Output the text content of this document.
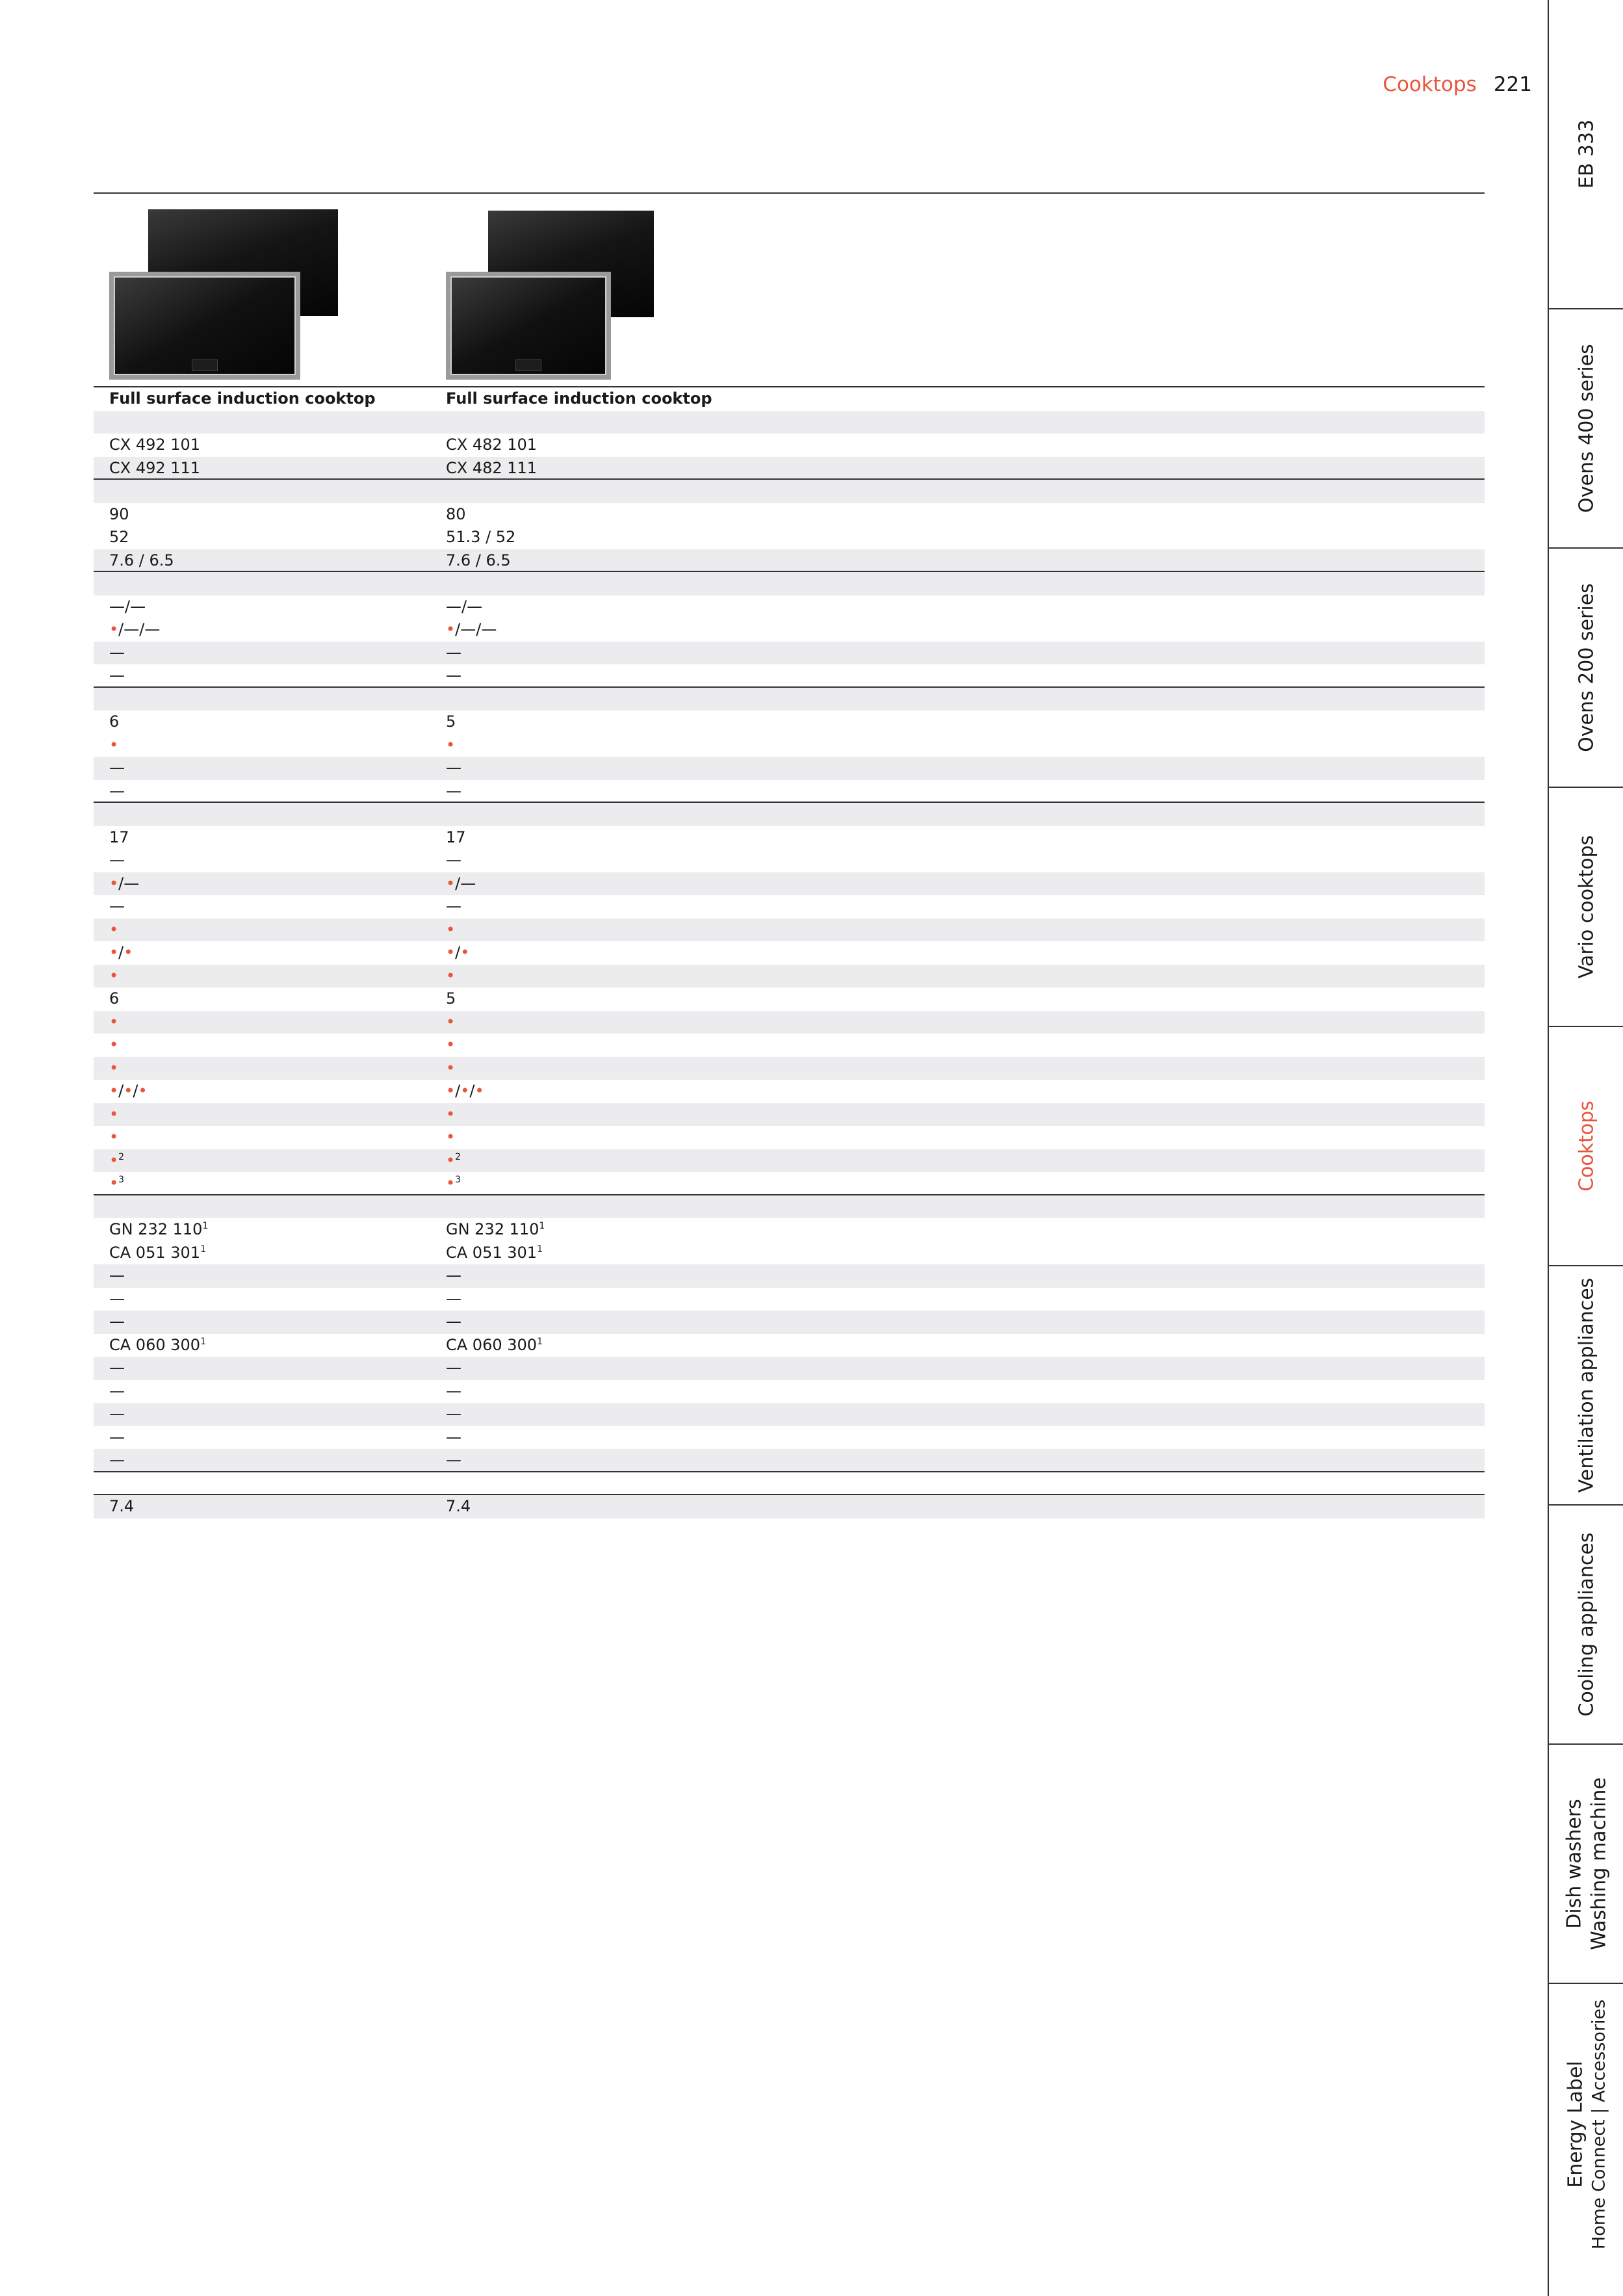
Cooktops 221
EB 333
Ovens 400 series
Ovens 200 series
Vario cooktops
Cooktops
Ventilation appliances
Cooling appliances
Dish washers Washing machine
Energy Label Home Connect | Accessories
Full surface induction cooktop	Full surface induction cooktop
CX 492 101	CX 482 101
CX 492 111	CX 482 111
90	80
52	51.3 / 52
7.6 / 6.5	7.6 / 6.5
—/—	—/—
•/—/—	•/—/—
—	—
—	—
6	5
•	•
—	—
—	—
17	17
—	—
•/—	•/—
—	—
•	•
•/•	•/•
•	•
6	5
•	•
•	•
•	•
•/•/•	•/•/•
•	•
•	•
•$^2$	•$^2$
•$^3$	•$^3$
GN 232 $110^1$	GN 232 $110^1$
CA 051 $301^1$	CA 051 $301^1$
—	—
—	—
—	—
CA 060 $300^1$	CA 060 $300^1$
—	—
—	—
—	—
—	—
—	—
7.4	7.4
